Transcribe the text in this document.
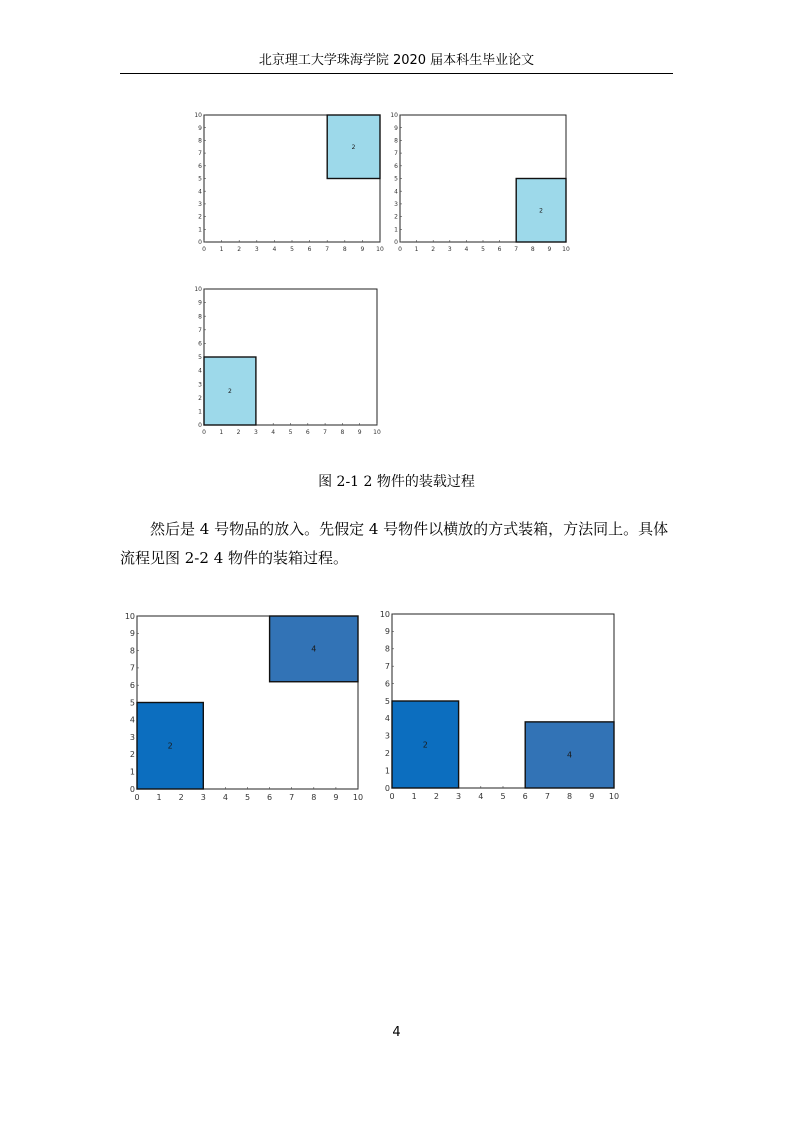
北京理工大学珠海学院 2020 届本科生毕业论文
0 1 2 3 4 5 6 7 8 9 10
0
1
2
3
4
5
6
7
8
9
10
2
0 1 2 3 4 5 6 7 8 9 10
0
1
2
3
4
5
6
7
8
9
10
2
0 1 2 3 4 5 6 7 8 9 10
0
1
2
3
4
5
6
7
8
9
10
2
图 2-1 2 物件的装载过程

然后是 4 号物品的放入。先假定 4 号物件以横放的方式装箱，方法同上。具体流程见图 2-2 4 物件的装箱过程。

0 1 2 3 4 5 6 7 8 9 10
0
1
2
3
4
5
6
7
8
9
10
2
4
0 1 2 3 4 5 6 7 8 9 10
0
1
2
3
4
5
6
7
8
9
10
2
4
4
